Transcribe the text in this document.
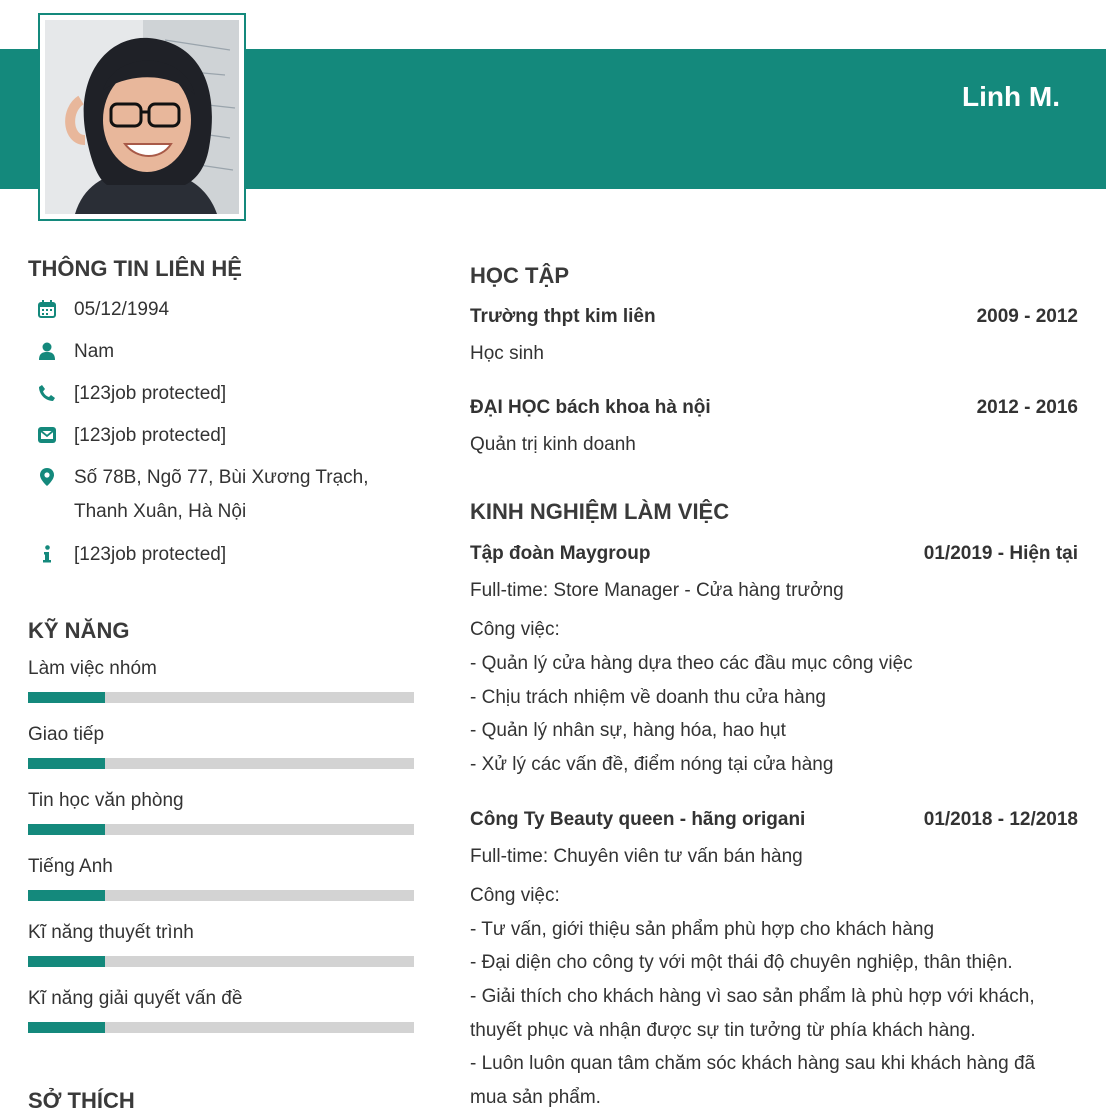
Linh M.
THÔNG TIN LIÊN HỆ
05/12/1994
Nam
[123job protected]
[123job protected]
Số 78B, Ngõ 77, Bùi Xương Trạch,
Thanh Xuân, Hà Nội
[123job protected]
KỸ NĂNG
Làm việc nhóm
Giao tiếp
Tin học văn phòng
Tiếng Anh
Kĩ năng thuyết trình
Kĩ năng giải quyết vấn đề
SỞ THÍCH
HỌC TẬP
Trường thpt kim liên	2009 - 2012

Học sinh

ĐẠI HỌC bách khoa hà nội	2012 - 2016

Quản trị kinh doanh

KINH NGHIỆM LÀM VIỆC
Tập đoàn Maygroup	01/2019 - Hiện tại

Full-time: Store Manager - Cửa hàng trưởng

Công việc:

- Quản lý cửa hàng dựa theo các đầu mục công việc

- Chịu trách nhiệm về doanh thu cửa hàng

- Quản lý nhân sự, hàng hóa, hao hụt

- Xử lý các vấn đề, điểm nóng tại cửa hàng

Công Ty Beauty queen - hãng origani	01/2018 - 12/2018

Full-time: Chuyên viên tư vấn bán hàng

Công việc:

- Tư vấn, giới thiệu sản phẩm phù hợp cho khách hàng

- Đại diện cho công ty với một thái độ chuyên nghiệp, thân thiện.

- Giải thích cho khách hàng vì sao sản phẩm là phù hợp với khách,

thuyết phục và nhận được sự tin tưởng từ phía khách hàng.

- Luôn luôn quan tâm chăm sóc khách hàng sau khi khách hàng đã

mua sản phẩm.
